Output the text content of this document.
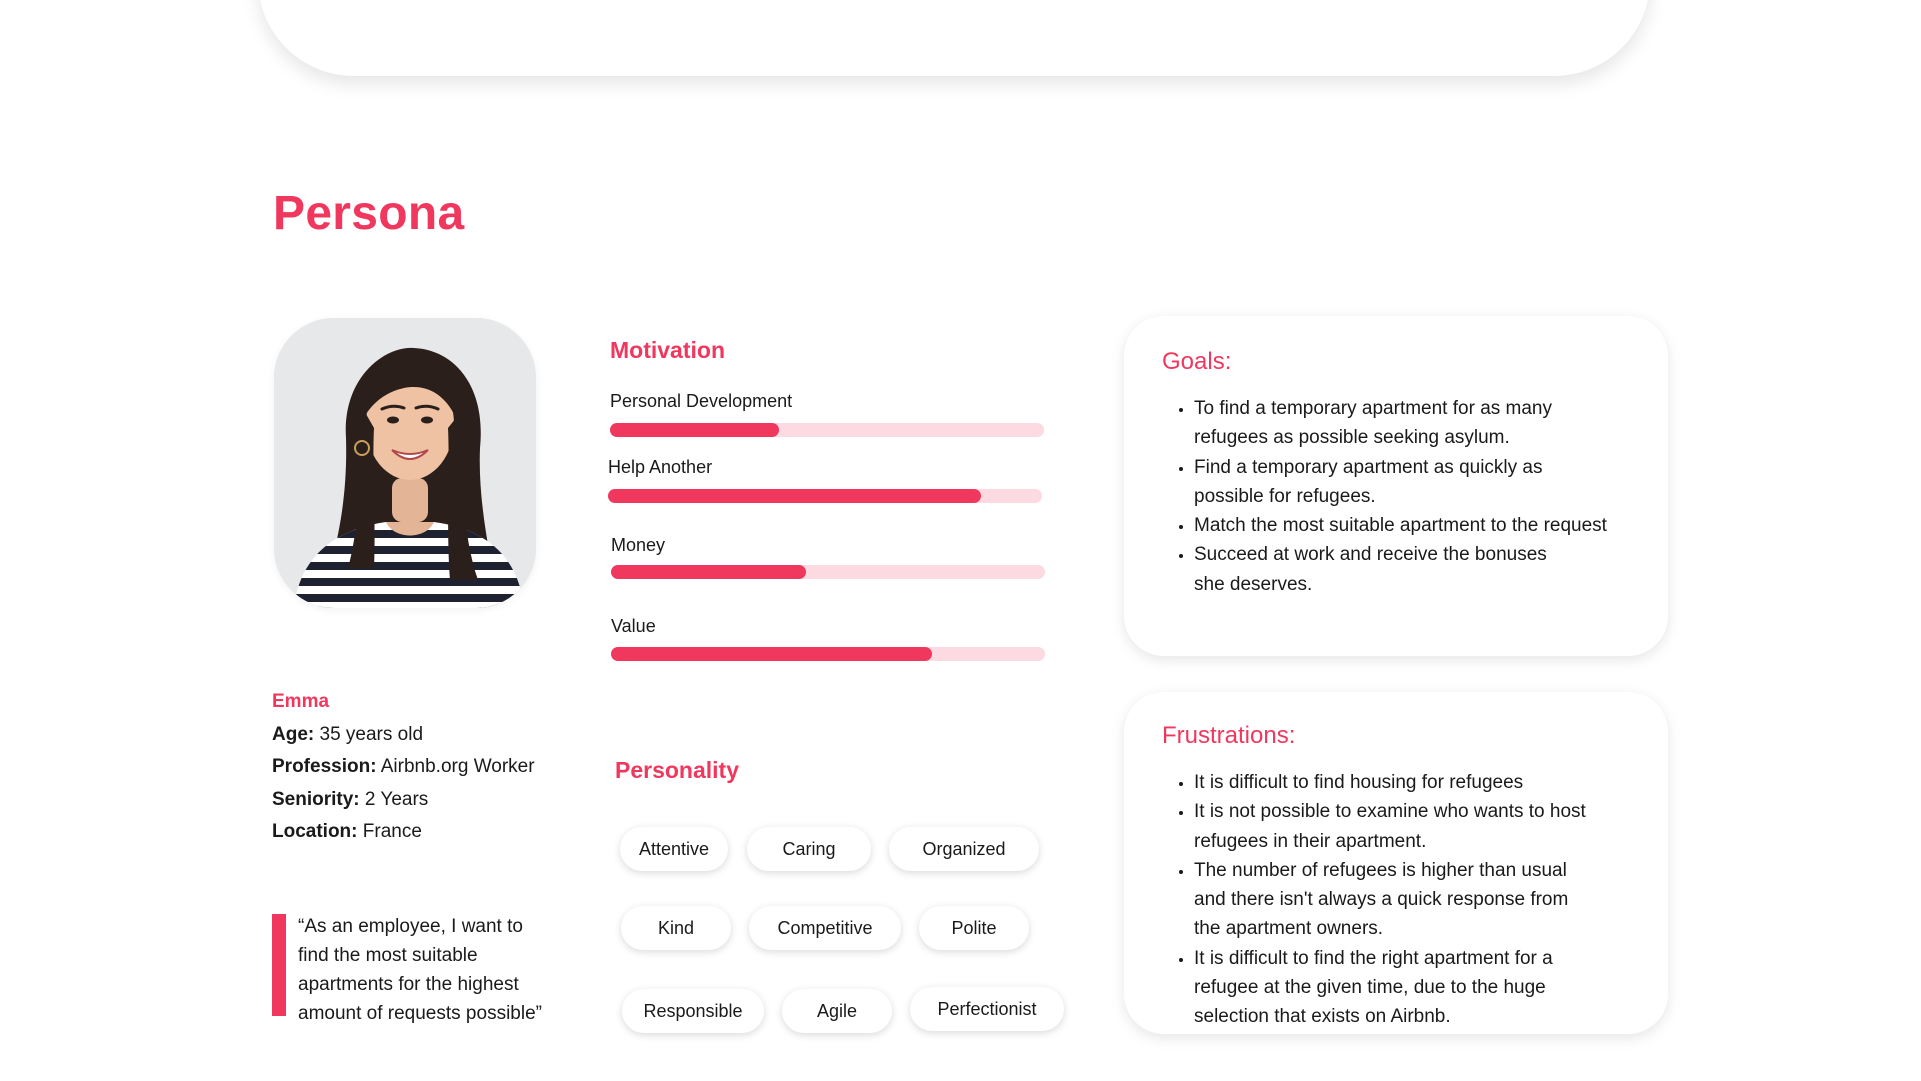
Persona
Emma
Age: 35 years old
Profession: Airbnb.org Worker
Seniority: 2 Years
Location: France

“As an employee, I want to
find the most suitable
apartments for the highest
amount of requests possible”

Motivation
Personal Development
Help Another
Money
Value
Personality
Attentive	Caring	Organized
Kind	Competitive	Polite
Responsible	Agile	Perfectionist
Goals:
• To find a temporary apartment for as many
refugees as possible seeking asylum.
• Find a temporary apartment as quickly as
possible for refugees.
• Match the most suitable apartment to the request
• Succeed at work and receive the bonuses
she deserves.
Frustrations:
• It is difficult to find housing for refugees
• It is not possible to examine who wants to host
refugees in their apartment.
• The number of refugees is higher than usual
and there isn't always a quick response from
the apartment owners.
• It is difficult to find the right apartment for a
refugee at the given time, due to the huge
selection that exists on Airbnb.
